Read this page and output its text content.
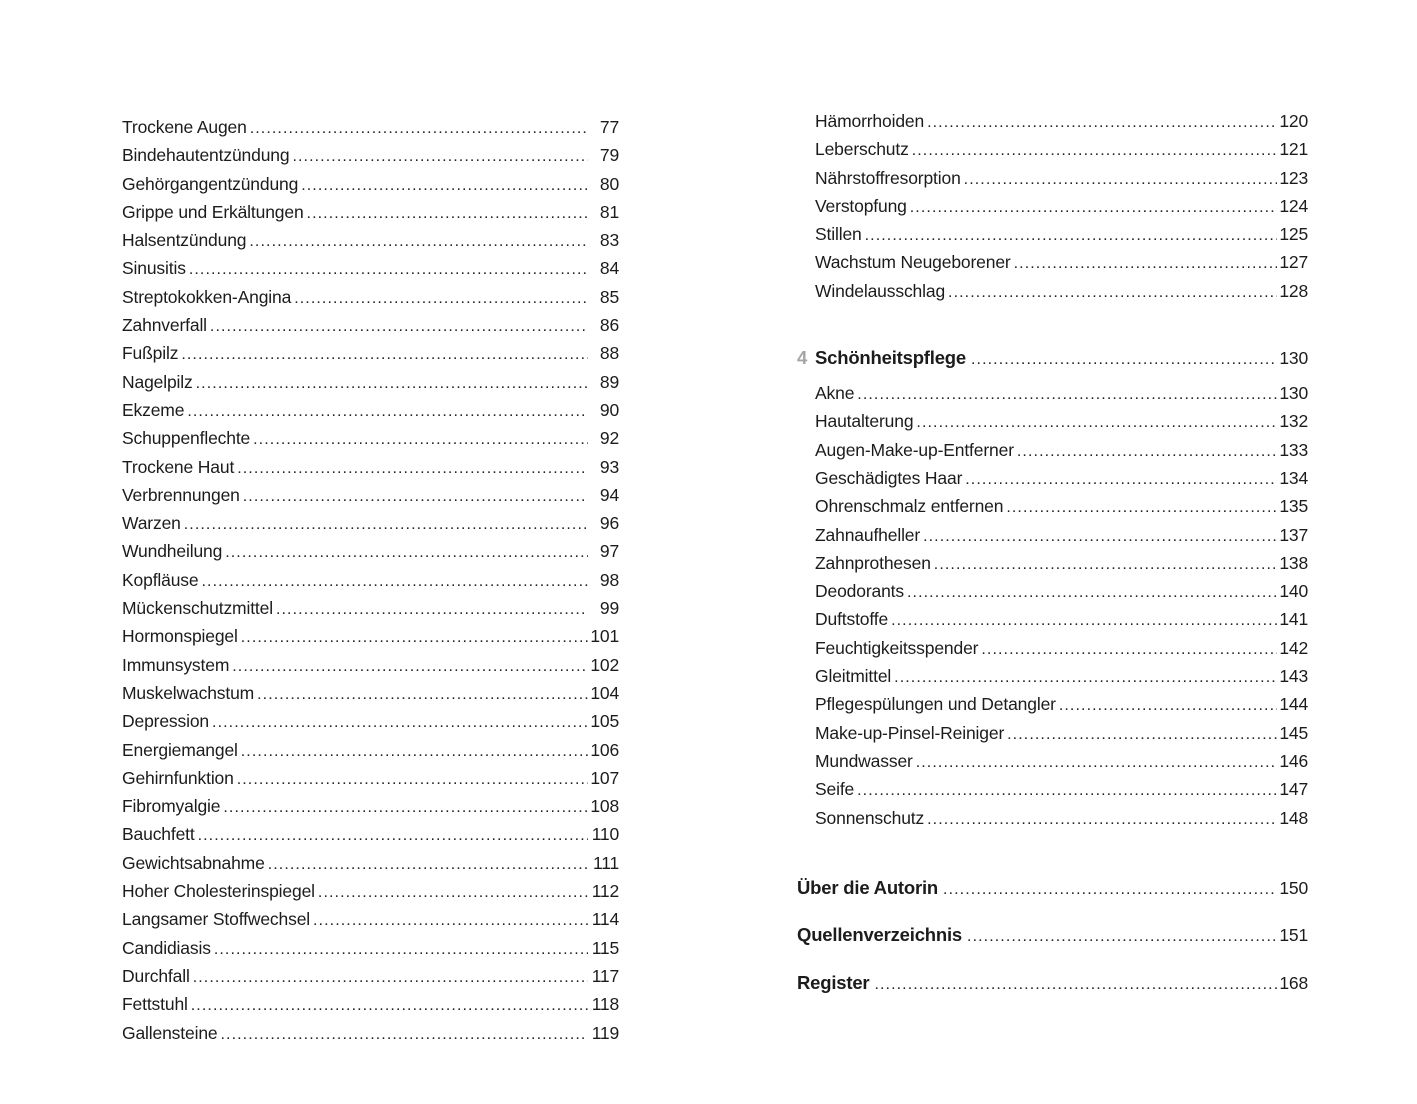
Trockene Augen .....	77
Bindehautentzündung .....	79
Gehörgangentzündung .....	80
Grippe und Erkältungen .....	81
Halsentzündung .....	83
Sinusitis .....	84
Streptokokken-Angina .....	85
Zahnverfall .....	86
Fußpilz .....	88
Nagelpilz .....	89
Ekzeme .....	90
Schuppenflechte .....	92
Trockene Haut .....	93
Verbrennungen .....	94
Warzen .....	96
Wundheilung .....	97
Kopfläuse .....	98
Mückenschutzmittel .....	99
Hormonspiegel .....	101
Immunsystem .....	102
Muskelwachstum .....	104
Depression .....	105
Energiemangel .....	106
Gehirnfunktion .....	107
Fibromyalgie .....	108
Bauchfett .....	110
Gewichtsabnahme .....	111
Hoher Cholesterinspiegel .....	112
Langsamer Stoffwechsel .....	114
Candidiasis .....	115
Durchfall .....	117
Fettstuhl .....	118
Gallensteine .....	119
Hämorrhoiden .....	120
Leberschutz .....	121
Nährstoffresorption .....	123
Verstopfung .....	124
Stillen .....	125
Wachstum Neugeborener .....	127
Windelausschlag .....	128
4 Schönheitspflege .....	130
Akne .....	130
Hautalterung .....	132
Augen-Make-up-Entferner .....	133
Geschädigtes Haar .....	134
Ohrenschmalz entfernen .....	135
Zahnaufheller .....	137
Zahnprothesen .....	138
Deodorants .....	140
Duftstoffe .....	141
Feuchtigkeitsspender .....	142
Gleitmittel .....	143
Pflegespülungen und Detangler .....	144
Make-up-Pinsel-Reiniger .....	145
Mundwasser .....	146
Seife .....	147
Sonnenschutz .....	148
Über die Autorin .....	150
Quellenverzeichnis .....	151
Register .....	168
